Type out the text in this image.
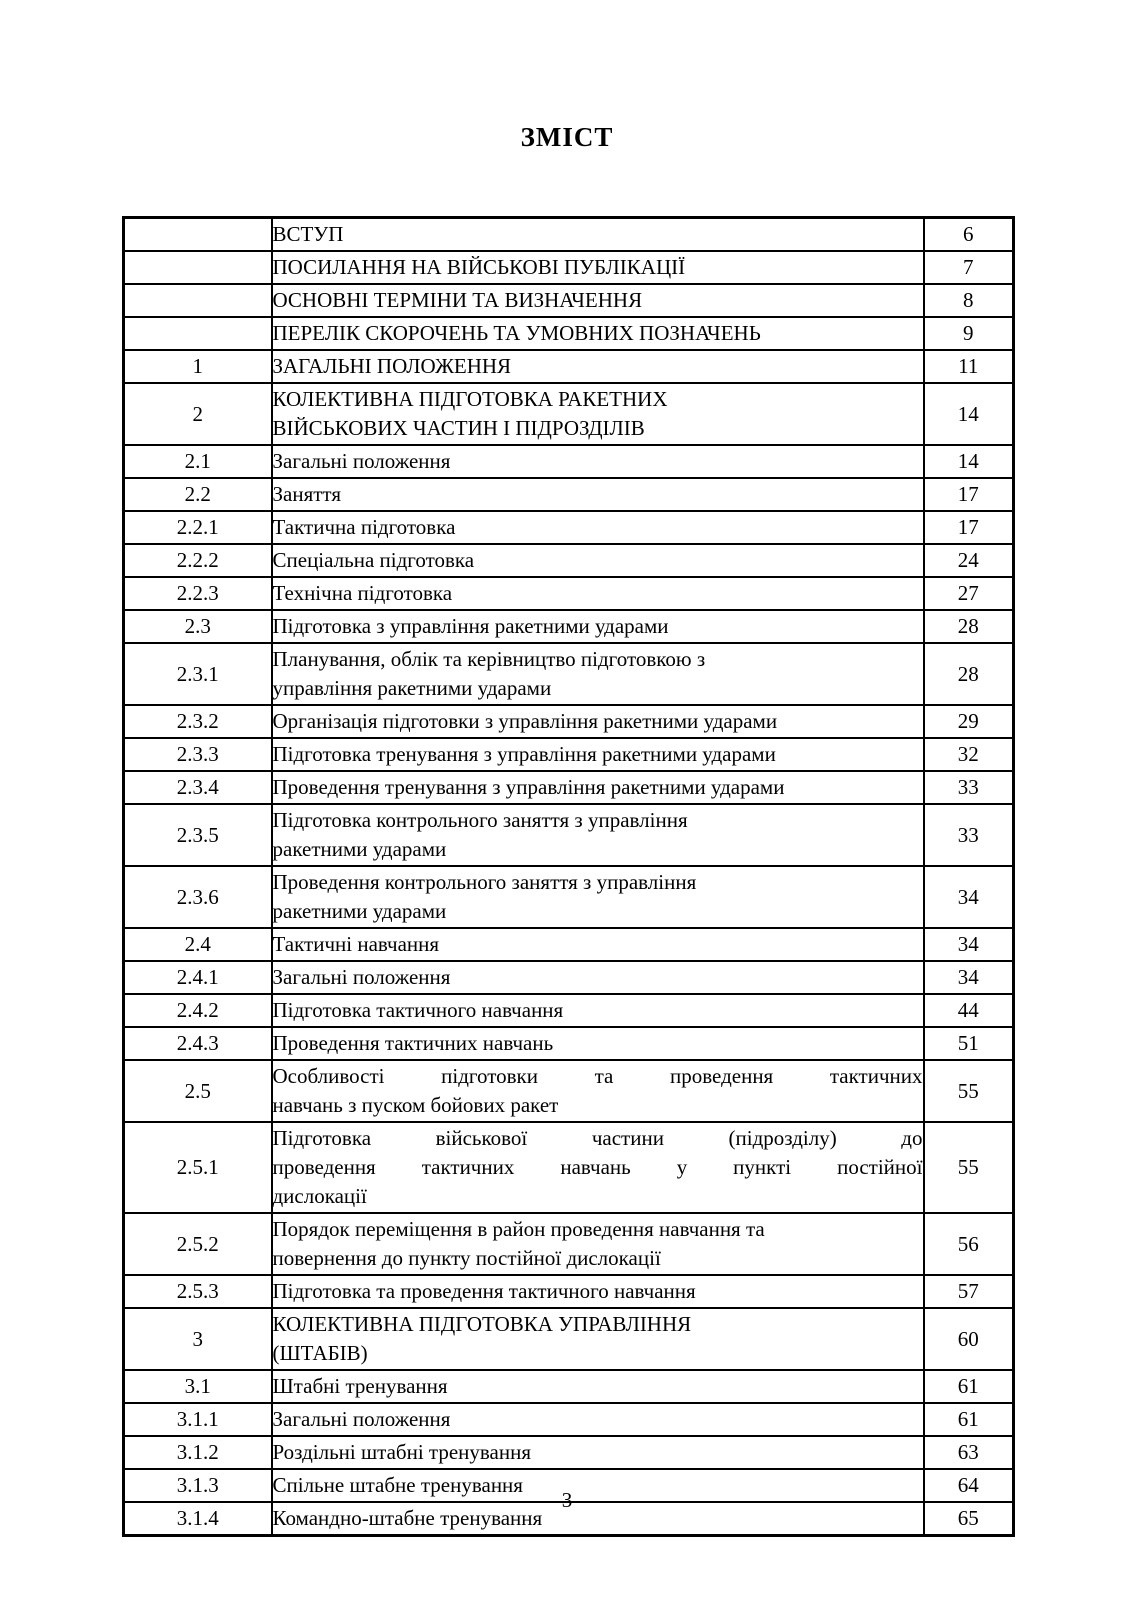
ЗМІСТ

	ВСТУП	6

	ПОСИЛАННЯ НА ВІЙСЬКОВІ ПУБЛІКАЦІЇ	7

	ОСНОВНІ ТЕРМІНИ ТА ВИЗНАЧЕННЯ	8

	ПЕРЕЛІК СКОРОЧЕНЬ ТА УМОВНИХ ПОЗНАЧЕНЬ	9
1	ЗАГАЛЬНІ ПОЛОЖЕННЯ	11
2	КОЛЕКТИВНА ПІДГОТОВКА РАКЕТНИХ
ВІЙСЬКОВИХ ЧАСТИН І ПІДРОЗДІЛІВ	14
2.1	Загальні положення	14
2.2	Заняття	17
2.2.1	Тактична підготовка	17
2.2.2	Спеціальна підготовка	24
2.2.3	Технічна підготовка	27
2.3	Підготовка з управління ракетними ударами	28
2.3.1	Планування, облік та керівництво підготовкою з
управління ракетними ударами	28
2.3.2	Організація підготовки з управління ракетними ударами	29
2.3.3	Підготовка тренування з управління ракетними ударами	32
2.3.4	Проведення тренування з управління ракетними ударами	33
2.3.5	Підготовка контрольного заняття з управління
ракетними ударами	33
2.3.6	Проведення контрольного заняття з управління
ракетними ударами	34
2.4	Тактичні навчання	34
2.4.1	Загальні положення	34
2.4.2	Підготовка тактичного навчання	44
2.4.3	Проведення тактичних навчань	51
2.5	Особливості підготовки та проведення тактичних
навчань з пуском бойових ракет	55
2.5.1	Підготовка військової частини (підрозділу) до
проведення тактичних навчань у пункті постійної
дислокації	55
2.5.2	Порядок переміщення в район проведення навчання та
повернення до пункту постійної дислокації	56
2.5.3	Підготовка та проведення тактичного навчання	57
3	КОЛЕКТИВНА ПІДГОТОВКА УПРАВЛІННЯ
(ШТАБІВ)	60
3.1	Штабні тренування	61
3.1.1	Загальні положення	61
3.1.2	Роздільні штабні тренування	63
3.1.3	Спільне штабне тренування	64
3.1.4	Командно-штабне тренування	65
3
